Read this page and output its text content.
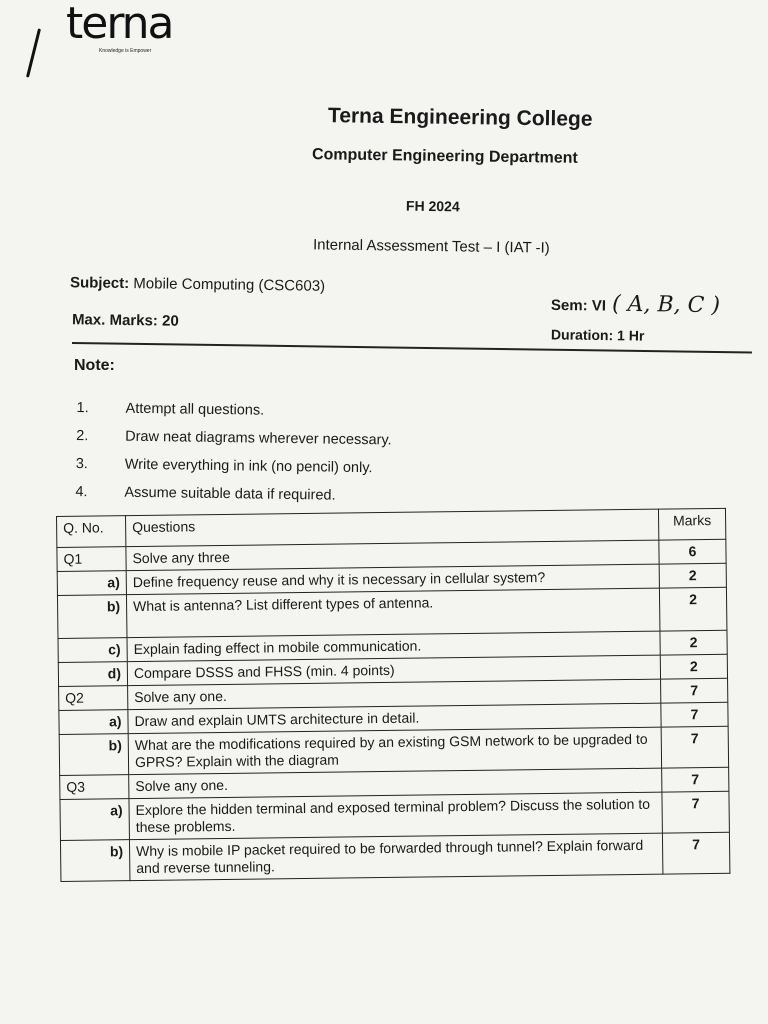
terna
Knowledge is Empower
Terna Engineering College
Computer Engineering Department
FH 2024
Internal Assessment Test – I (IAT -I)
Subject: Mobile Computing (CSC603)
Max. Marks: 20
Sem: VI ( A, B, C )
Duration: 1 Hr
Note:
1.	Attempt all questions.
2.	Draw neat diagrams wherever necessary.
3.	Write everything in ink (no pencil) only.
4.	Assume suitable data if required.
Q. No.	Questions	Marks
Q1	Solve any three	6
a)	Define frequency reuse and why it is necessary in cellular system?	2
b)	What is antenna? List different types of antenna.	2
c)	Explain fading effect in mobile communication.	2
d)	Compare DSSS and FHSS (min. 4 points)	2
Q2	Solve any one.	7
a)	Draw and explain UMTS architecture in detail.	7
b)	What are the modifications required by an existing GSM network to be upgraded to GPRS? Explain with the diagram	7
Q3	Solve any one.	7
a)	Explore the hidden terminal and exposed terminal problem? Discuss the solution to these problems.	7
b)	Why is mobile IP packet required to be forwarded through tunnel? Explain forward and reverse tunneling.	7
